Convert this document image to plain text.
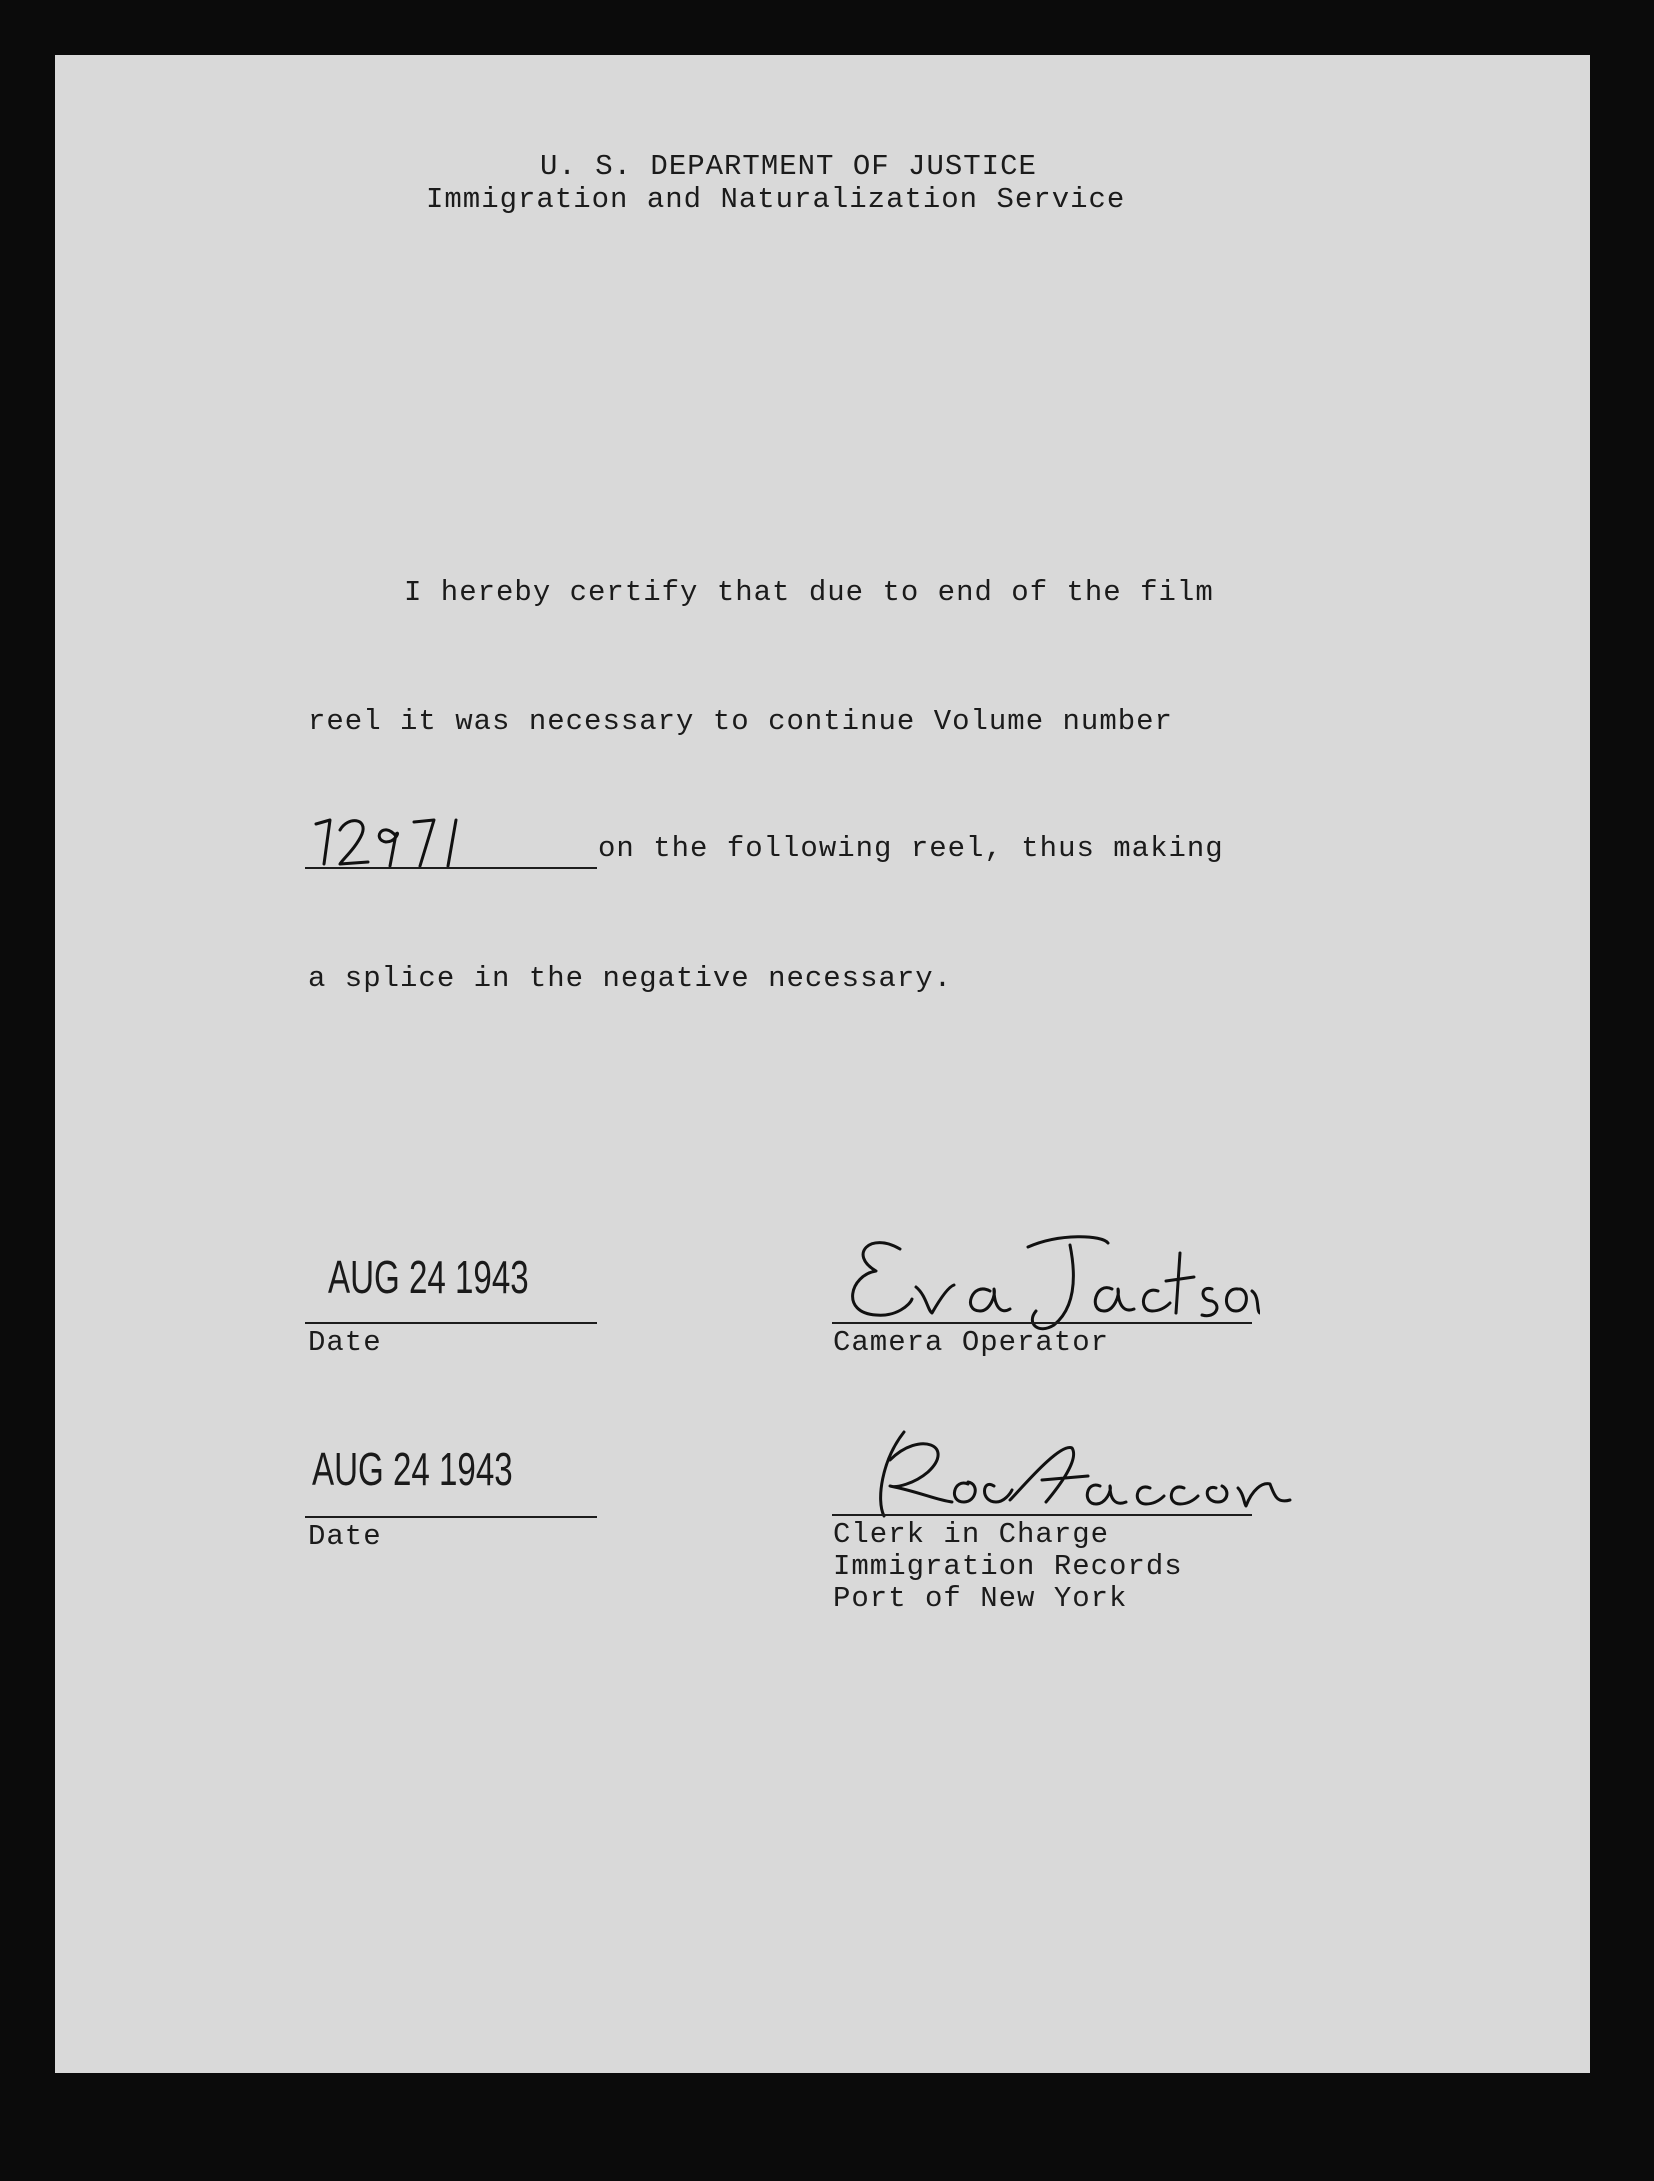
U. S. DEPARTMENT OF JUSTICE
Immigration and Naturalization Service
I hereby certify that due to end of the film
reel it was necessary to continue Volume number
on the following reel, thus making
a splice in the negative necessary.
AUG 24 1943
Date	Camera Operator
AUG 24 1943
Date	Clerk in Charge
Immigration Records
Port of New York
